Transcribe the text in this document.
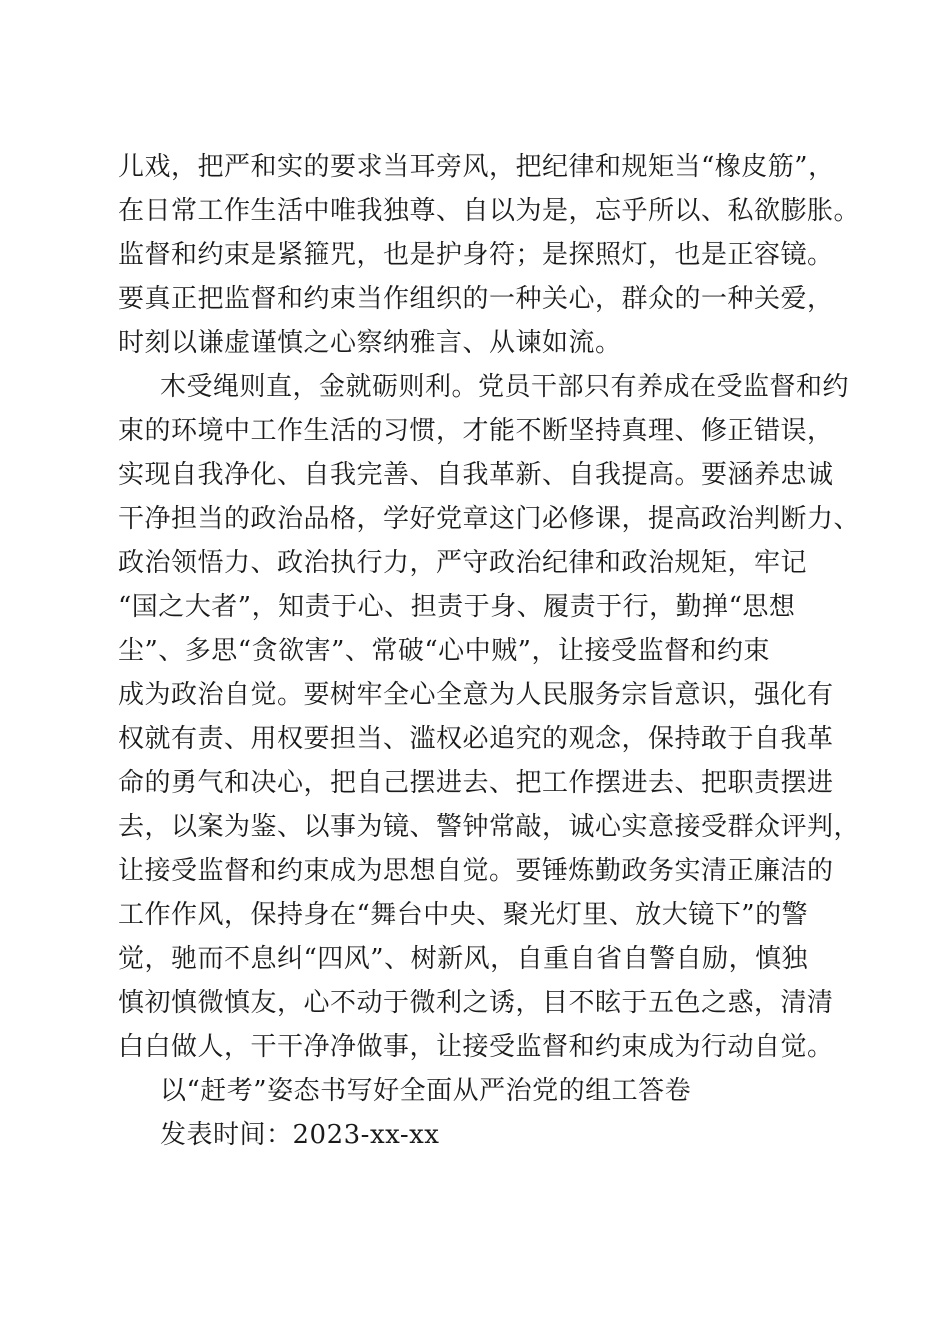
儿戏，把严和实的要求当耳旁风，把纪律和规矩当“橡皮筋”，
在日常工作生活中唯我独尊、自以为是，忘乎所以、私欲膨胀。
监督和约束是紧箍咒，也是护身符；是探照灯，也是正容镜。
要真正把监督和约束当作组织的一种关心，群众的一种关爱，
时刻以谦虚谨慎之心察纳雅言、从谏如流。
木受绳则直，金就砺则利。党员干部只有养成在受监督和约
束的环境中工作生活的习惯，才能不断坚持真理、修正错误，
实现自我净化、自我完善、自我革新、自我提高。要涵养忠诚
干净担当的政治品格，学好党章这门必修课，提高政治判断力、
政治领悟力、政治执行力，严守政治纪律和政治规矩，牢记
“国之大者”，知责于心、担责于身、履责于行，勤掸“思想
尘”、多思“贪欲害”、常破“心中贼”，让接受监督和约束
成为政治自觉。要树牢全心全意为人民服务宗旨意识，强化有
权就有责、用权要担当、滥权必追究的观念，保持敢于自我革
命的勇气和决心，把自己摆进去、把工作摆进去、把职责摆进
去，以案为鉴、以事为镜、警钟常敲，诚心实意接受群众评判，
让接受监督和约束成为思想自觉。要锤炼勤政务实清正廉洁的
工作作风，保持身在“舞台中央、聚光灯里、放大镜下”的警
觉，驰而不息纠“四风”、树新风，自重自省自警自励，慎独
慎初慎微慎友，心不动于微利之诱，目不眩于五色之惑，清清
白白做人，干干净净做事，让接受监督和约束成为行动自觉。
以“赶考”姿态书写好全面从严治党的组工答卷
发表时间：2023-xx-xx
